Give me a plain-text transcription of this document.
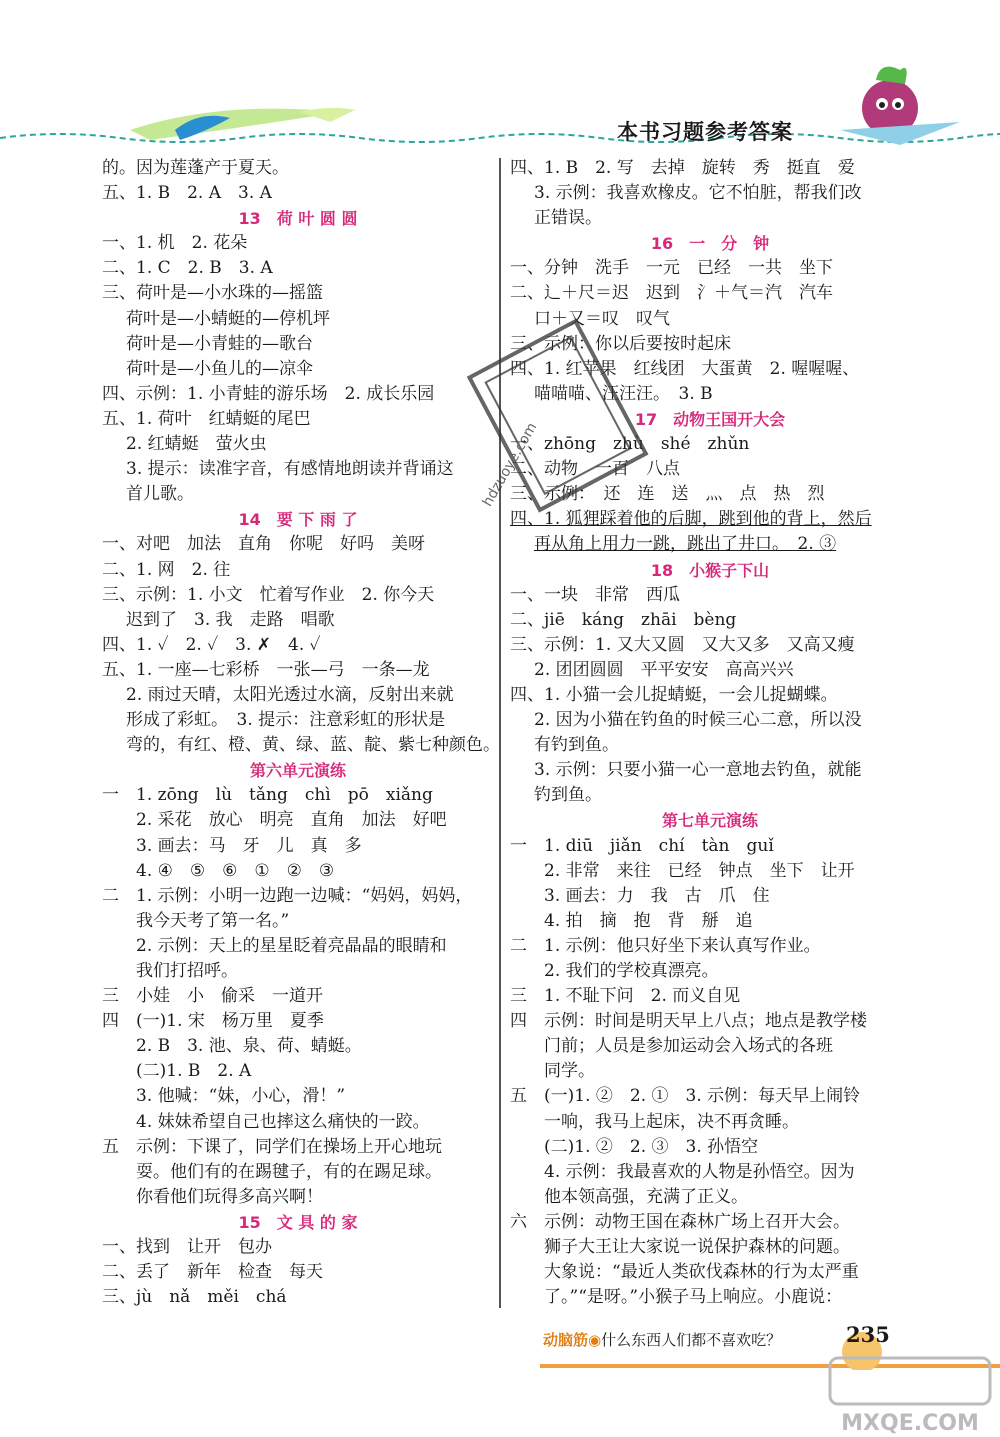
本书习题参考答案
的。因为莲蓬产于夏天。
五、1. B　2. A　3. A
13　荷 叶 圆 圆
一、1. 机　2. 花朵
二、1. C　2. B　3. A
三、荷叶是—小水珠的—摇篮
荷叶是—小蜻蜓的—停机坪
荷叶是—小青蛙的—歌台
荷叶是—小鱼儿的—凉伞
四、示例：1. 小青蛙的游乐场　2. 成长乐园
五、1. 荷叶　红蜻蜓的尾巴
2. 红蜻蜓　萤火虫
3. 提示：读准字音，有感情地朗读并背诵这
首儿歌。
14　要 下 雨 了
一、对吧　加法　直角　你呢　好吗　美呀
二、1. 网　2. 往
三、示例：1. 小文　忙着写作业　2. 你今天
迟到了　3. 我　走路　唱歌
四、1. ✓　2. ✓　3. ✗　4. ✓
五、1. 一座—七彩桥　一张—弓　一条—龙
2. 雨过天晴，太阳光透过水滴，反射出来就
形成了彩虹。　3. 提示：注意彩虹的形状是
弯的，有红、橙、黄、绿、蓝、靛、紫七种颜色。
第六单元演练
一　1. zōng　lù　tǎng　chì　pō　xiǎng
2. 采花　放心　明亮　直角　加法　好吧
3. 画去：马　牙　儿　真　多
4. ④　⑤　⑥　①　②　③
二　1. 示例：小明一边跑一边喊：“妈妈，妈妈，
我今天考了第一名。”
2. 示例：天上的星星眨着亮晶晶的眼睛和
我们打招呼。
三　小娃　小　偷采　一道开
四　(一)1. 宋　杨万里　夏季
2. B　3. 池、泉、荷、蜻蜓。
(二)1. B　2. A
3. 他喊：“妹，小心，滑！”
4. 妹妹希望自己也摔这么痛快的一跤。
五　示例：下课了，同学们在操场上开心地玩
耍。他们有的在踢毽子，有的在踢足球。
你看他们玩得多高兴啊！
15　文 具 的 家
一、找到　让开　包办
二、丢了　新年　检查　每天
三、jù　nǎ　měi　chá
四、1. B　2. 写　去掉　旋转　秀　挺直　爱
3. 示例：我喜欢橡皮。它不怕脏，帮我们改
正错误。
16　一　分　钟
一、分钟　洗手　一元　已经　一共　坐下
二、辶＋尺＝迟　迟到　氵＋气＝汽　汽车
口＋又＝叹　叹气
三、示例：你以后要按时起床
四、1. 红苹果　红线团　大蛋黄　2. 喔喔喔、
喵喵喵、汪汪汪。　3. B
17　动物王国开大会
一、zhōng　zhù　shé　zhǔn
二、动物　一百　八点
三、示例：　还　连　送　灬　点　热　烈
四、1. 狐狸踩着他的后脚，跳到他的背上，然后
再从角上用力一跳，跳出了井口。　2. ③
18　小猴子下山
一、一块　非常　西瓜
二、jiē　káng　zhāi　bèng
三、示例：1. 又大又圆　又大又多　又高又瘦
2. 团团圆圆　平平安安　高高兴兴
四、1. 小猫一会儿捉蜻蜓，一会儿捉蝴蝶。
2. 因为小猫在钓鱼的时候三心二意，所以没
有钓到鱼。
3. 示例：只要小猫一心一意地去钓鱼，就能
钓到鱼。
第七单元演练
一　1. diū　jiǎn　chí　tàn　guǐ
2. 非常　来往　已经　钟点　坐下　让开
3. 画去：力　我　古　爪　住
4. 拍　摘　抱　背　掰　追
二　1. 示例：他只好坐下来认真写作业。
2. 我们的学校真漂亮。
三　1. 不耻下问　2. 而义自见
四　示例：时间是明天早上八点；地点是教学楼
门前；人员是参加运动会入场式的各班
同学。
五　(一)1. ②　2. ①　3. 示例：每天早上闹铃
一响，我马上起床，决不再贪睡。
(二)1. ②　2. ③　3. 孙悟空
4. 示例：我最喜欢的人物是孙悟空。因为
他本领高强，充满了正义。
六　示例：动物王国在森林广场上召开大会。
狮子大王让大家说一说保护森林的问题。
大象说：“最近人类砍伐森林的行为太严重
了。”“是呀。”小猴子马上响应。小鹿说：
hdzuoye.com
动脑筋◉什么东西人们都不喜欢吃？	235
MXQE.COM
